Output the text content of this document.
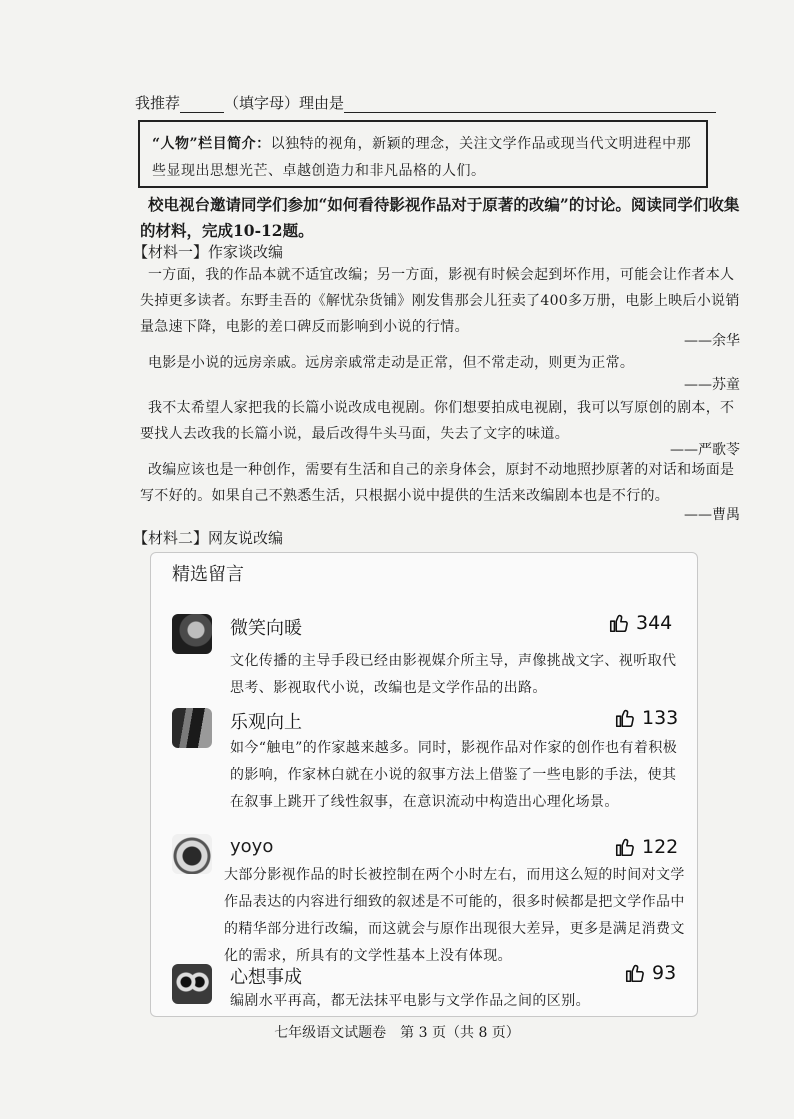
我推荐	（填字母）理由是
“人物”栏目简介：以独特的视角，新颖的理念，关注文学作品或现当代文明进程中那些显现出思想光芒、卓越创造力和非凡品格的人们。
校电视台邀请同学们参加“如何看待影视作品对于原著的改编”的讨论。阅读同学们收集
的材料，完成10-12题。
【材料一】作家谈改编
一方面，我的作品本就不适宜改编；另一方面，影视有时候会起到坏作用，可能会让作者本人失掉更多读者。东野圭吾的《解忧杂货铺》刚发售那会儿狂卖了400多万册，电影上映后小说销量急速下降，电影的差口碑反而影响到小说的行情。
——余华
电影是小说的远房亲戚。远房亲戚常走动是正常，但不常走动，则更为正常。
——苏童
我不太希望人家把我的长篇小说改成电视剧。你们想要拍成电视剧，我可以写原创的剧本，不要找人去改我的长篇小说，最后改得牛头马面，失去了文字的味道。
——严歌苓
改编应该也是一种创作，需要有生活和自己的亲身体会，原封不动地照抄原著的对话和场面是写不好的。如果自己不熟悉生活，只根据小说中提供的生活来改编剧本也是不行的。
——曹禺
【材料二】网友说改编
精选留言
微笑向暖	344
文化传播的主导手段已经由影视媒介所主导，声像挑战文字、视听取代思考、影视取代小说，改编也是文学作品的出路。
乐观向上	133
如今“触电”的作家越来越多。同时，影视作品对作家的创作也有着积极的影响，作家林白就在小说的叙事方法上借鉴了一些电影的手法，使其在叙事上跳开了线性叙事，在意识流动中构造出心理化场景。
yoyo	122
大部分影视作品的时长被控制在两个小时左右，而用这么短的时间对文学作品表达的内容进行细致的叙述是不可能的，很多时候都是把文学作品中的精华部分进行改编，而这就会与原作出现很大差异，更多是满足消费文化的需求，所具有的文学性基本上没有体现。
心想事成	93
编剧水平再高，都无法抹平电影与文学作品之间的区别。
七年级语文试题卷　第 3 页（共 8 页）
